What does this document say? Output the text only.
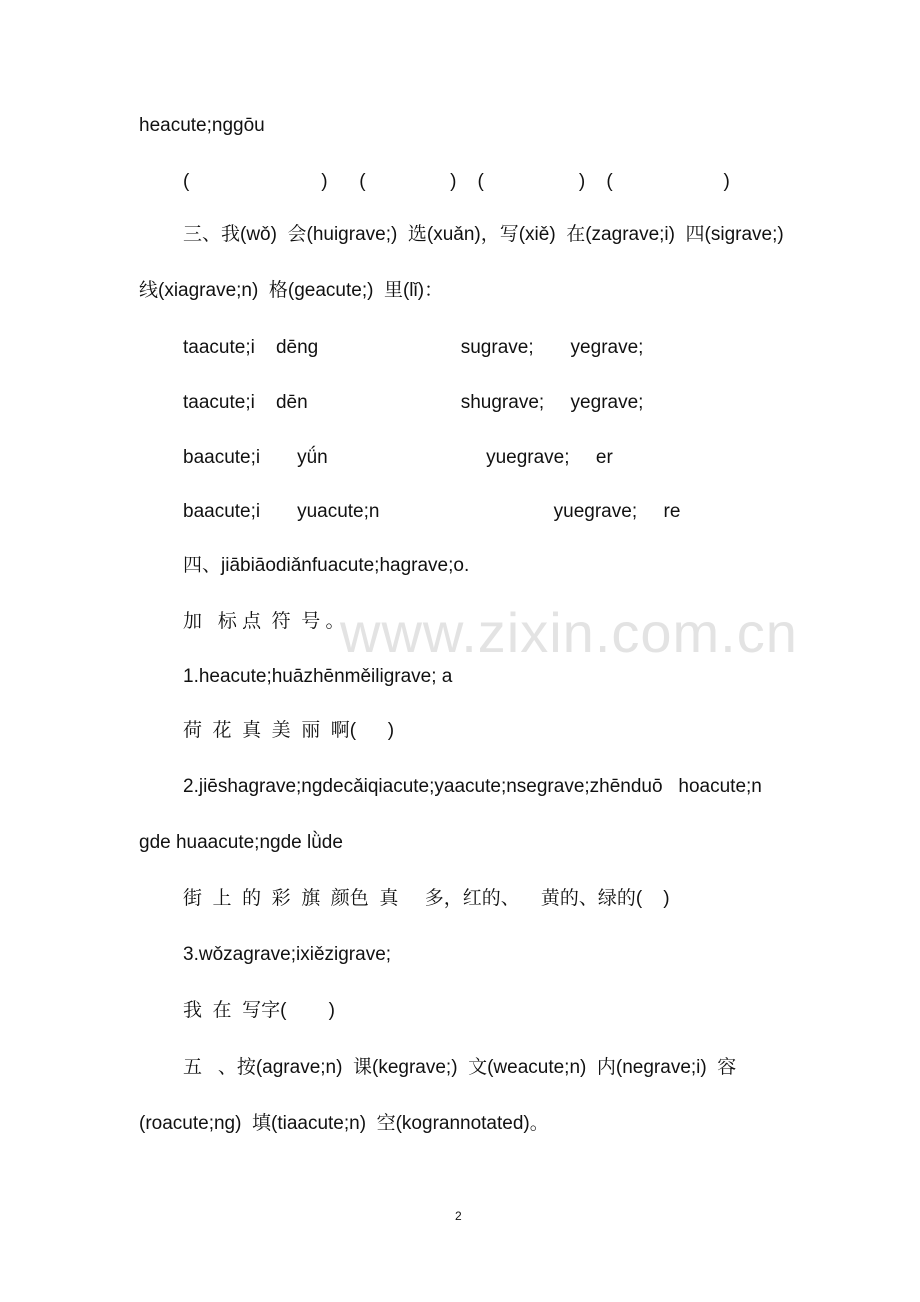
heacute;nɡɡōu

(                         )      (                )    (                  )    (                     )

三、我(wǒ)  会(huigrave;)  选(xuǎn)，写(xiě)  在(zagrave;i)  四(sigrave;)

线(xiagrave;n)  格(geacute;)  里(lǐ)：

taacute;i    dēnɡ                           sugrave;       yegrave;

taacute;i    dēn                             shugrave;     yegrave;

baacute;i       yǘn                              yuegrave;     er

baacute;i       yuacute;n                                 yuegrave;     re

四、jiābiāodiǎnfuacute;hagrave;o.

加   标 点  符  号 。

1.heacute;huāzhēnměiligrave; a

荷  花  真  美  丽  啊(      )

2.jiēshagrave;nɡdecǎiqiacute;yaacute;nsegrave;zhēnduō   hoacute;n

ɡde huaacute;nɡde lǜde

街  上  的  彩  旗  颜色  真     多，红的、    黄的、绿的(    )

3.wǒzagrave;ixiězigrave;

我  在  写字(        )

五   、按(agrave;n)  课(kegrave;)  文(weacute;n)  内(negrave;i)  容

(roacute;ng)  填(tiaacute;n)  空(kogrannotated)。

www.zixin.com.cn
2
